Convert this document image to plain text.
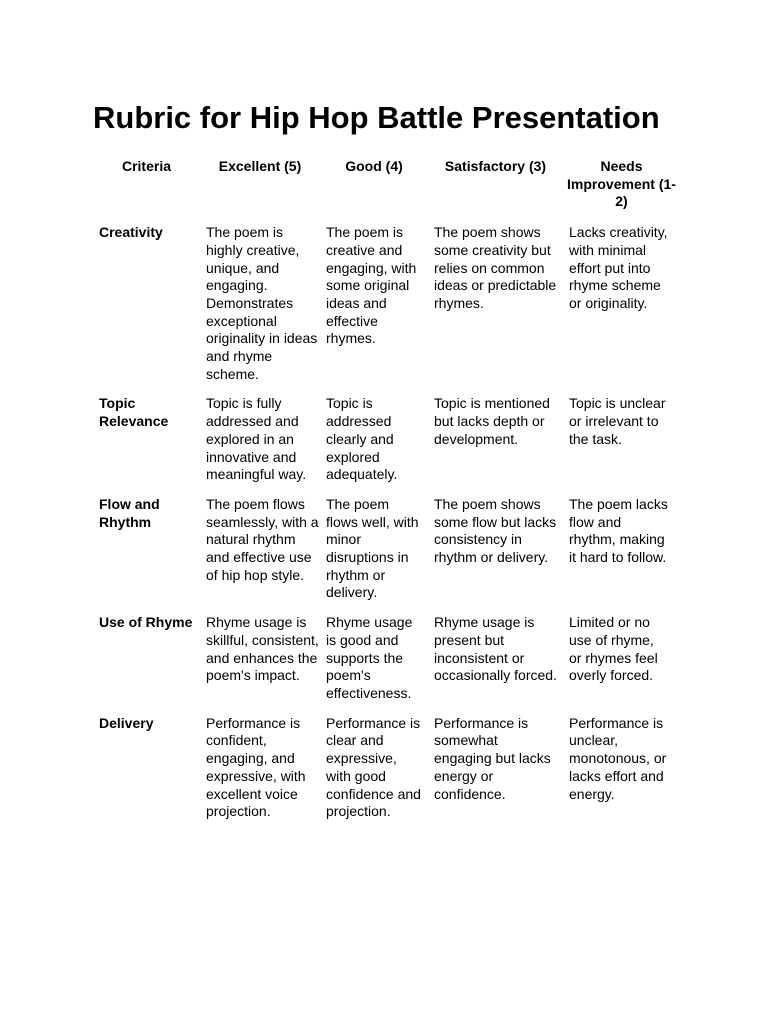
Rubric for Hip Hop Battle Presentation
Criteria	Excellent (5)	Good (4)	Satisfactory (3)	Needs Improvement (1-2)
Creativity	The poem is highly creative, unique, and engaging. Demonstrates exceptional originality in ideas and rhyme scheme.	The poem is creative and engaging, with some original ideas and effective rhymes.	The poem shows some creativity but relies on common ideas or predictable rhymes.	Lacks creativity, with minimal effort put into rhyme scheme or originality.
Topic Relevance	Topic is fully addressed and explored in an innovative and meaningful way.	Topic is addressed clearly and explored adequately.	Topic is mentioned but lacks depth or development.	Topic is unclear or irrelevant to the task.
Flow and Rhythm	The poem flows seamlessly, with a natural rhythm and effective use of hip hop style.	The poem flows well, with minor disruptions in rhythm or delivery.	The poem shows some flow but lacks consistency in rhythm or delivery.	The poem lacks flow and rhythm, making it hard to follow.
Use of Rhyme	Rhyme usage is skillful, consistent, and enhances the poem's impact.	Rhyme usage is good and supports the poem's effectiveness.	Rhyme usage is present but inconsistent or occasionally forced.	Limited or no use of rhyme, or rhymes feel overly forced.
Delivery	Performance is confident, engaging, and expressive, with excellent voice projection.	Performance is clear and expressive, with good confidence and projection.	Performance is somewhat engaging but lacks energy or confidence.	Performance is unclear, monotonous, or lacks effort and energy.
